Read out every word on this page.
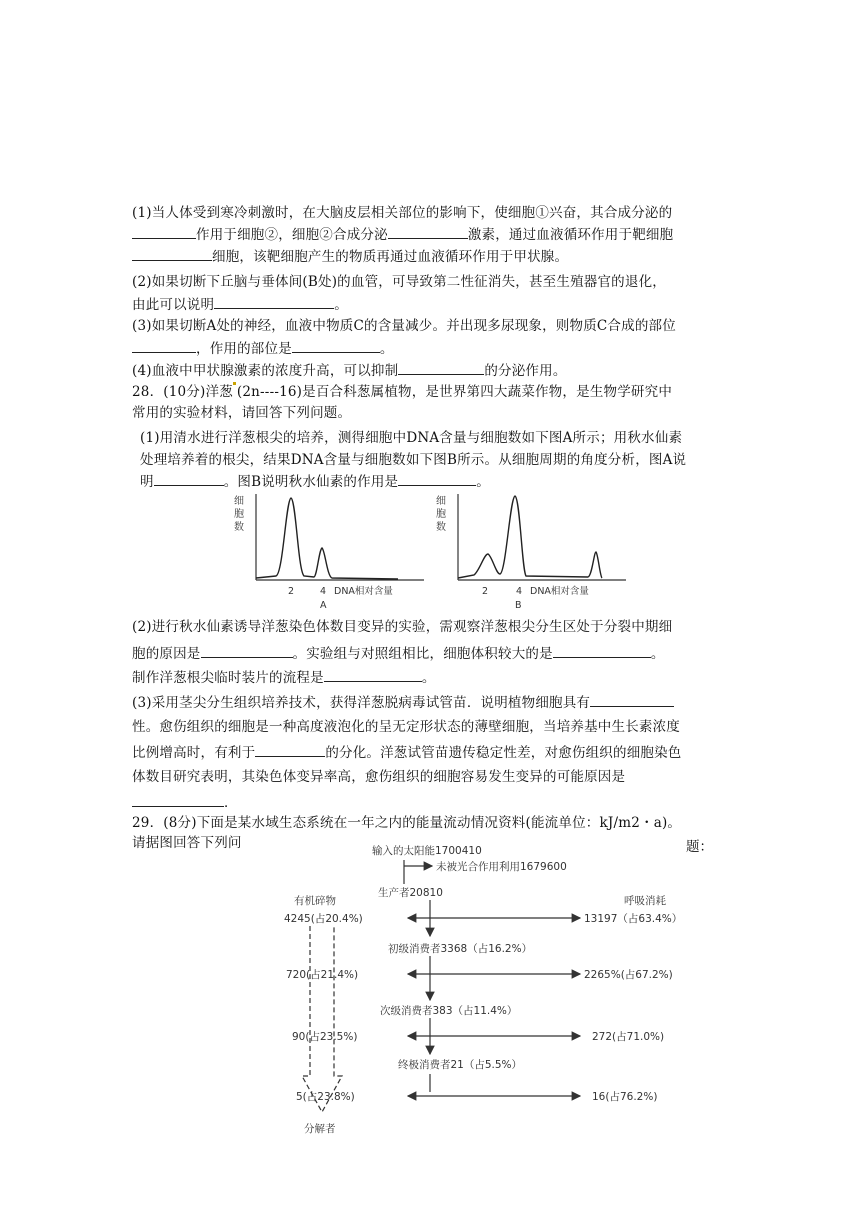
(1)当人体受到寒冷刺激时，在大脑皮层相关部位的影响下，使细胞①兴奋，其合成分泌的
作用于细胞②，细胞②合成分泌	激素，通过血液循环作用于靶细胞
细胞，该靶细胞产生的物质再通过血液循环作用于甲状腺。
(2)如果切断下丘脑与垂体间(B处)的血管，可导致第二性征消失，甚至生殖器官的退化，
由此可以说明	。
(3)如果切断A处的神经，血液中物质C的含量减少。并出现多尿现象，则物质C合成的部位
，作用的部位是	。
(4)血液中甲状腺激素的浓度升高，可以抑制	的分泌作用。
28．(10分)洋葱 (2n----16)是百合科葱属植物，是世界第四大蔬菜作物，是生物学研究中
常用的实验材料，请回答下列问题。
(1)用清水进行洋葱根尖的培养，测得细胞中DNA含量与细胞数如下图A所示；用秋水仙素
处理培养着的根尖，结果DNA含量与细胞数如下图B所示。从细胞周期的角度分析，图A说
明	。图B说明秋水仙素的作用是	。
细
胞
数
2	4 DNA相对含量
A
细
胞
数
2	4 DNA相对含量
B
(2)进行秋水仙素诱导洋葱染色体数目变异的实验，需观察洋葱根尖分生区处于分裂中期细
胞的原因是	。实验组与对照组相比，细胞体积较大的是	。
制作洋葱根尖临时装片的流程是	。
(3)采用茎尖分生组织培养技术，获得洋葱脱病毒试管苗．说明植物细胞具有
性。愈伤组织的细胞是一种高度液泡化的呈无定形状态的薄壁细胞，当培养基中生长素浓度
比例增高时，有利于	的分化。洋葱试管苗遗传稳定性差，对愈伤组织的细胞染色
体数目研究表明，其染色体变异率高，愈伤组织的细胞容易发生变异的可能原因是
．
29．(8分)下面是某水域生态系统在一年之内的能量流动情况资料(能流单位：kJ/m2・a)。
请据图回答下列问	题：
输入的太阳能1700410
未被光合作用利用1679600
生产者20810
有机碎物	呼吸消耗
4245(占20.4%)	13197（占63.4%）
初级消费者3368（占16.2%）
720(占21.4%)	2265%(占67.2%)
次级消费者383（占11.4%）
90(占23.5%)	272(占71.0%)
终极消费者21（占5.5%）
5(占23.8%)	16(占76.2%)
分解者
